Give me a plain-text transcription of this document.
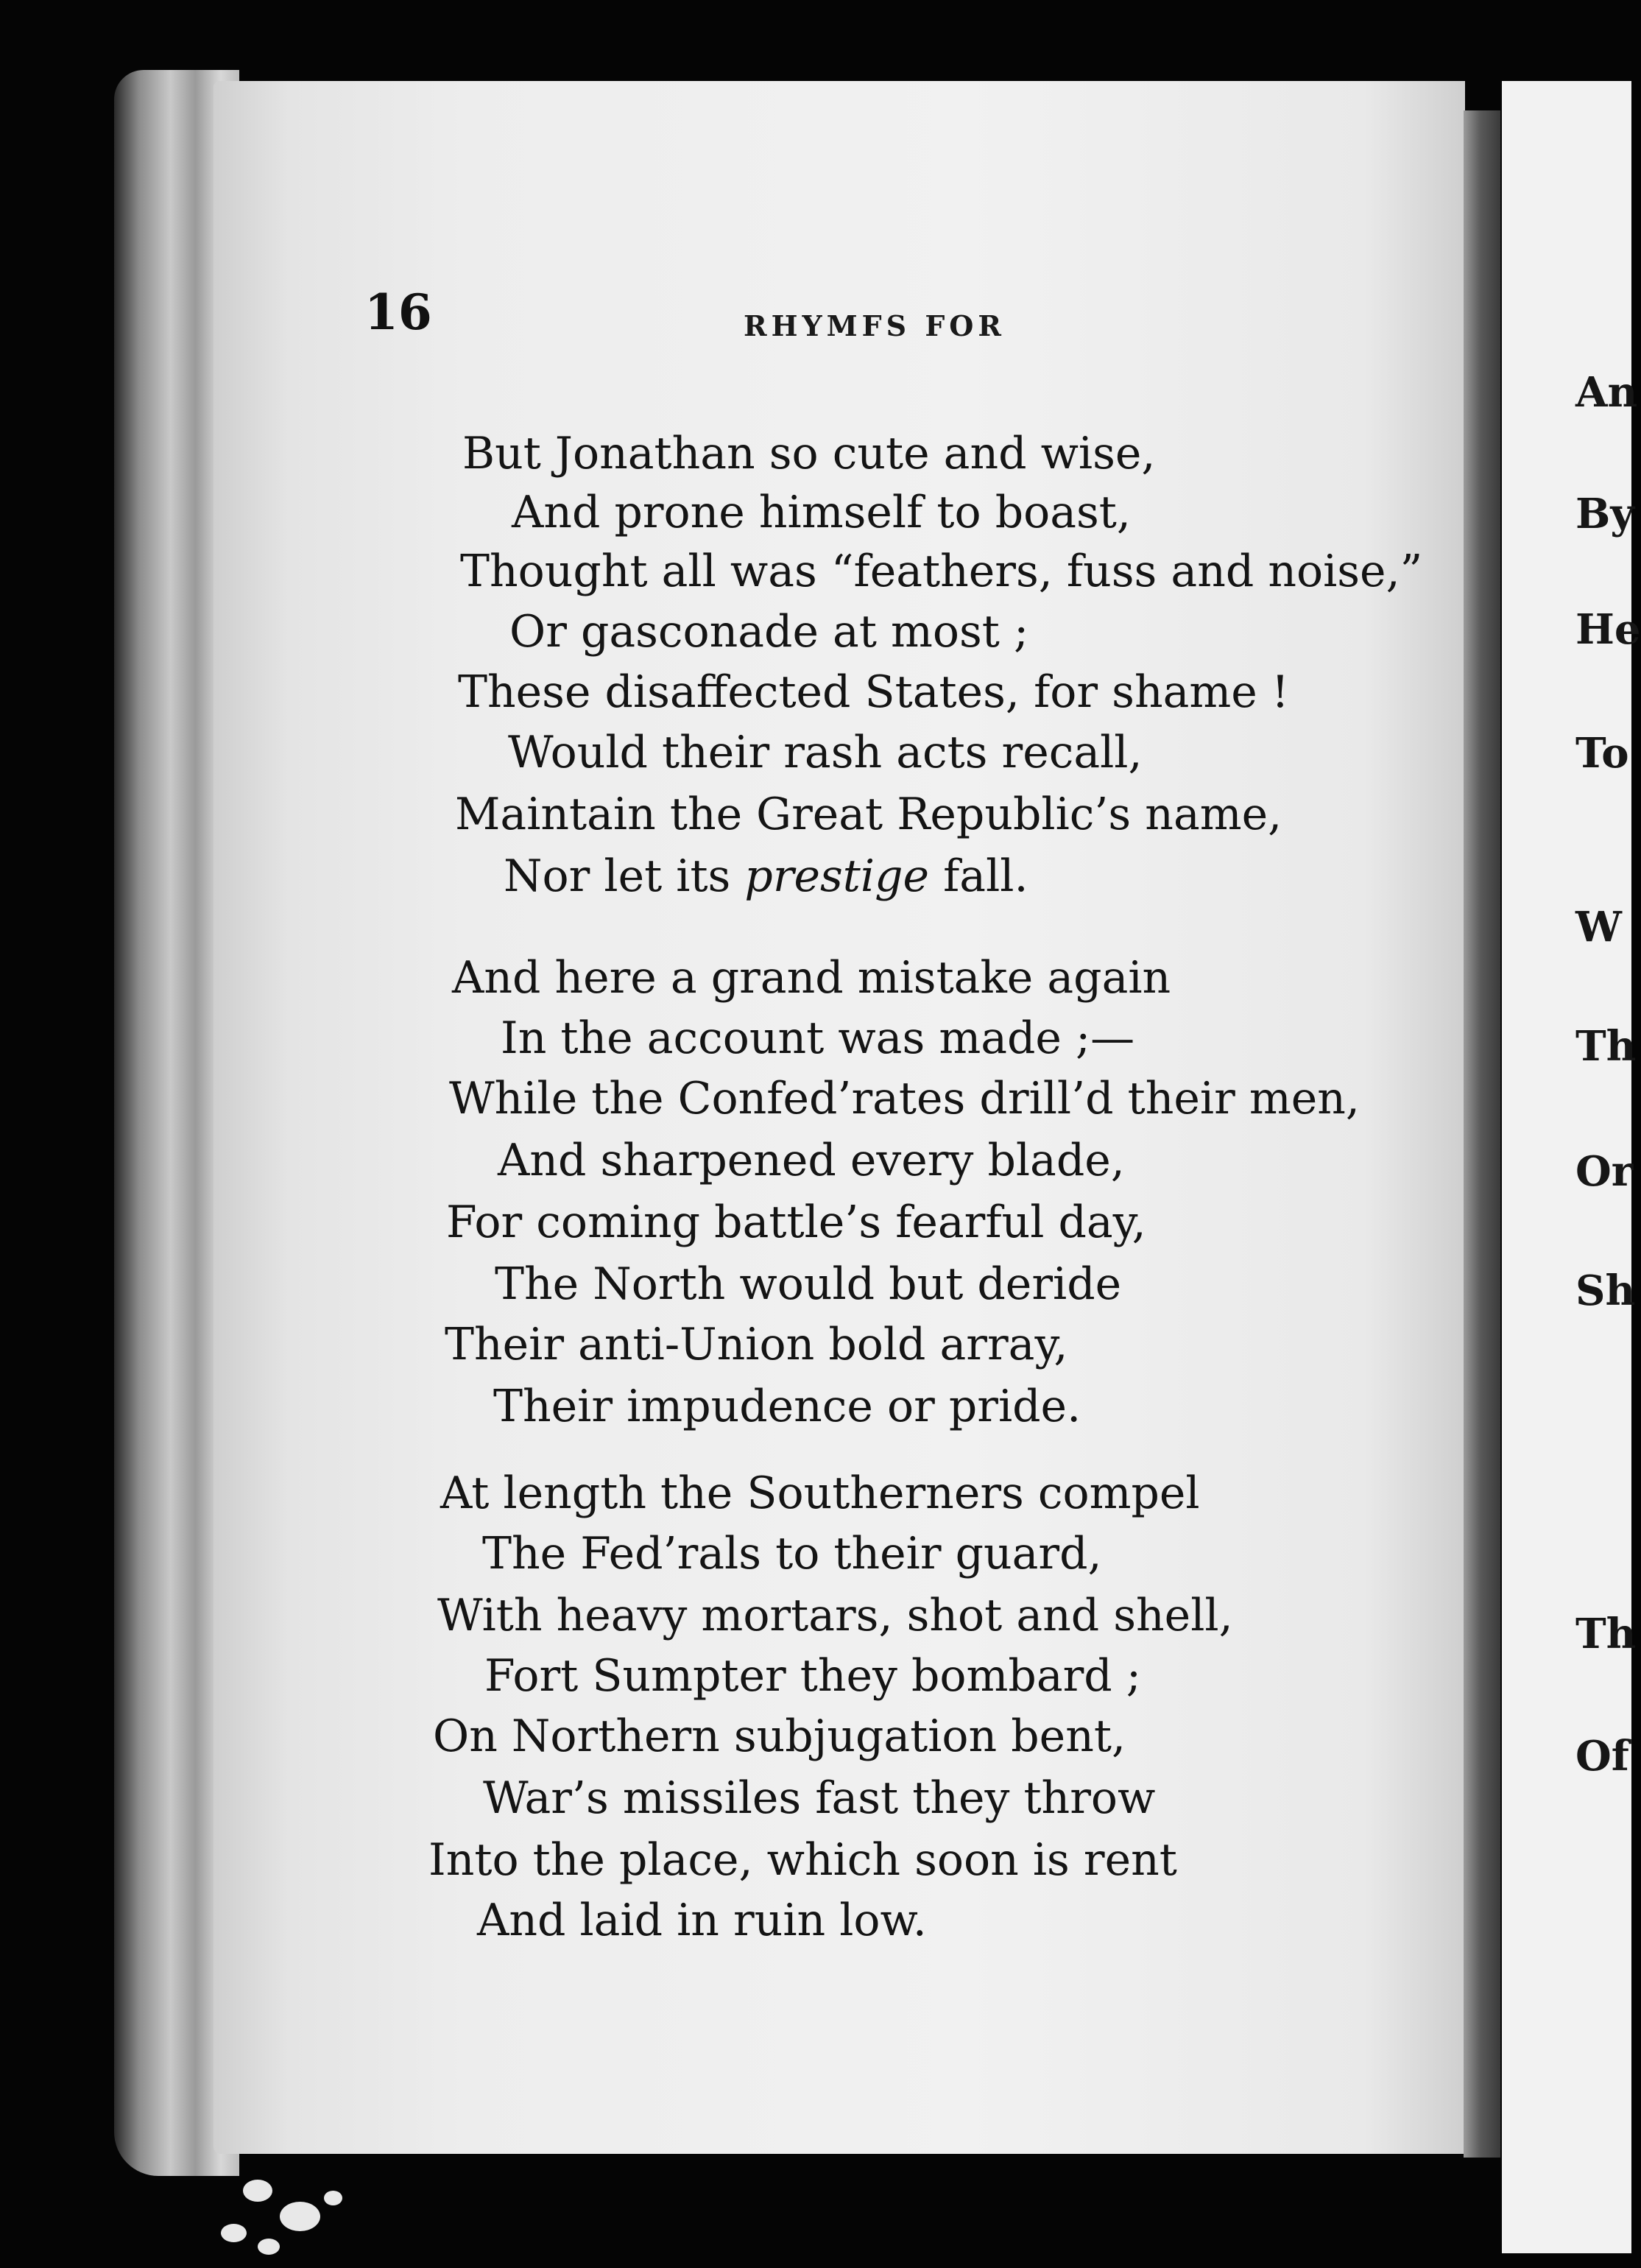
16	RHYMFS FOR
But Jonathan so cute and wise,
And prone himself to boast,
Thought all was “feathers, fuss and noise,”
Or gasconade at most ;
These disaffected States, for shame !
Would their rash acts recall,
Maintain the Great Republic’s name,
Nor let its prestige fall.
And here a grand mistake again
In the account was made ;—
While the Confed’rates drill’d their men,
And sharpened every blade,
For coming battle’s fearful day,
The North would but deride
Their anti-Union bold array,
Their impudence or pride.
At length the Southerners compel
The Fed’rals to their guard,
With heavy mortars, shot and shell,
Fort Sumpter they bombard ;
On Northern subjugation bent,
War’s missiles fast they throw
Into the place, which soon is rent
And laid in ruin low.
An
By
He
To
W
Th
Or
Sh
Th
Of
